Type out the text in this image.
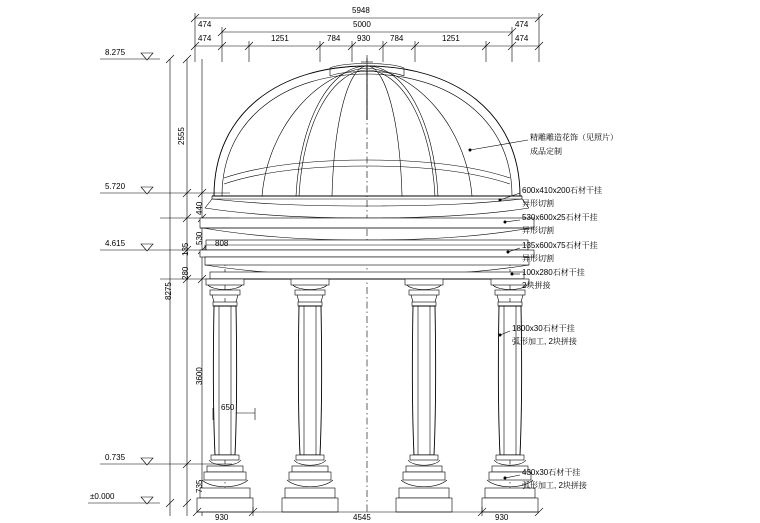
5948
5000
474	1251	784 930 784	1251	474
474	474
8.275
5.720
4.615
0.735
±0.000
2555
440
530
135
280
8275
3600
735
808
650
930	4545	930
精雕雕造花饰（见照片）
成品定制
600x410x200石材干挂
异形切割
530x600x25石材干挂
异形切割
135x600x75石材干挂
异形切割
100x280石材干挂
2块拼接
1800x30石材干挂
弧形加工, 2块拼接
430x30石材干挂
弧形加工, 2块拼接
